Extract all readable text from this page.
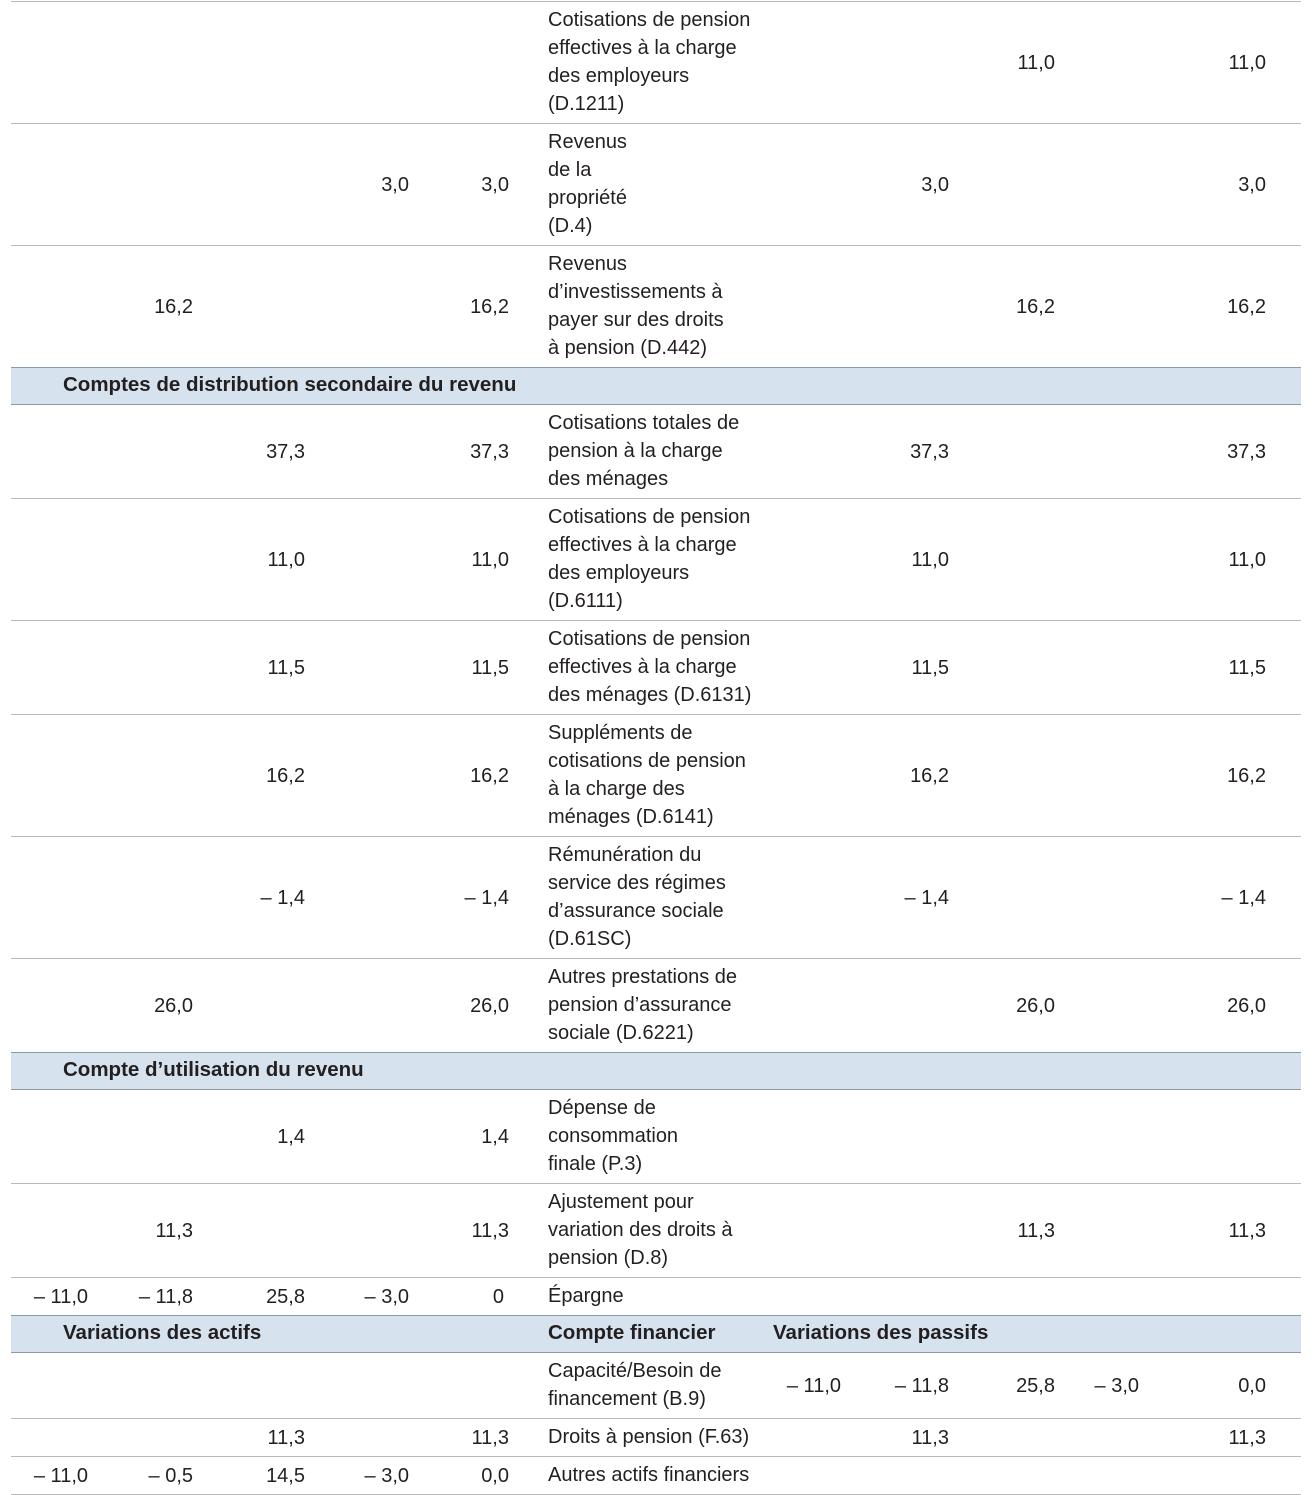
					Cotisations de pension effectives à la charge des employeurs (D.1211)			11,0		11,0
			3,0	3,0	Revenus de la propriété (D.4)		3,0			3,0
	16,2			16,2	Revenus d’investissements à payer sur des droits à pension (D.442)			16,2		16,2
Comptes de distribution secondaire du revenu										
		37,3		37,3	Cotisations totales de pension à la charge des ménages		37,3			37,3
		11,0		11,0	Cotisations de pension effectives à la charge des employeurs (D.6111)		11,0			11,0
		11,5		11,5	Cotisations de pension effectives à la charge des ménages (D.6131)		11,5			11,5
		16,2		16,2	Suppléments de cotisations de pension à la charge des ménages (D.6141)		16,2			16,2
		– 1,4		– 1,4	Rémunération du service des régimes d’assurance sociale (D.61SC)		– 1,4			– 1,4
	26,0			26,0	Autres prestations de pension d’assurance sociale (D.6221)			26,0		26,0
Compte d’utilisation du revenu										
		1,4		1,4	Dépense de consommation finale (P.3)					
	11,3			11,3	Ajustement pour variation des droits à pension (D.8)			11,3		11,3
– 11,0	– 11,8	25,8	– 3,0	0	Épargne					
Variations des actifs					Compte financier	Variations des passifs				
					Capacité/Besoin de financement (B.9)	– 11,0	– 11,8	25,8	– 3,0	0,0
		11,3		11,3	Droits à pension (F.63)		11,3			11,3
– 11,0	– 0,5	14,5	– 3,0	0,0	Autres actifs financiers					
